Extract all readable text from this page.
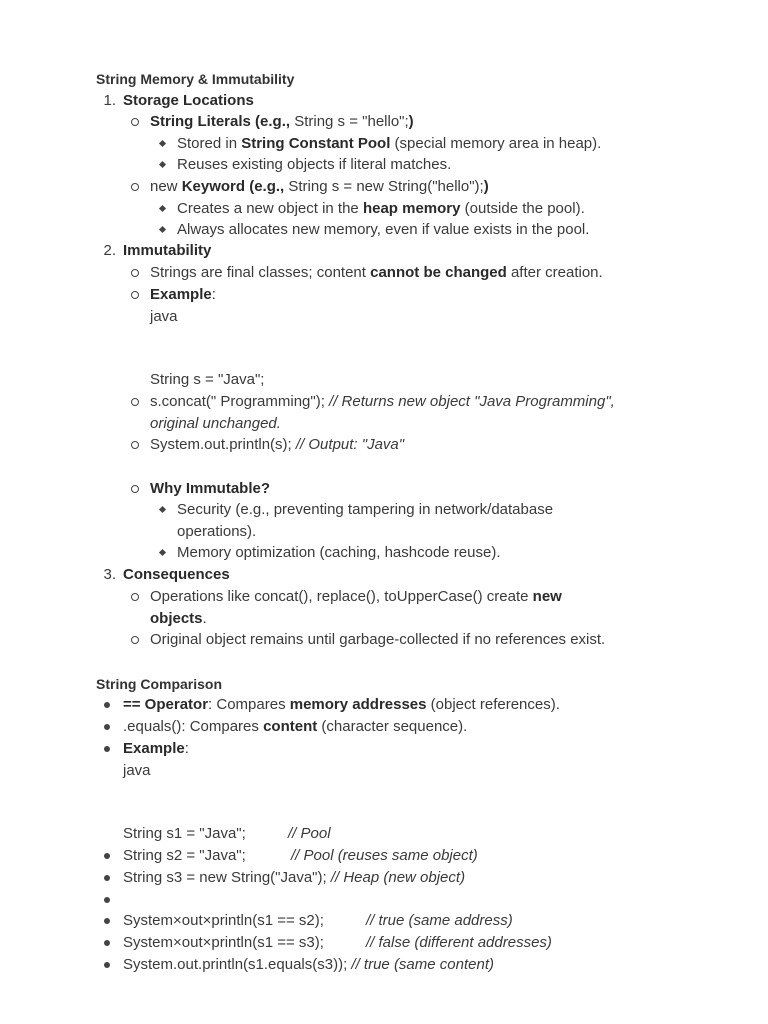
String Memory & Immutability
1. Storage Locations
String Literals (e.g., String s = "hello";)
Stored in String Constant Pool (special memory area in heap).
Reuses existing objects if literal matches.
new Keyword (e.g., String s = new String("hello");)
Creates a new object in the heap memory (outside the pool).
Always allocates new memory, even if value exists in the pool.
2. Immutability
Strings are final classes; content cannot be changed after creation.
Example:
java
String s = "Java";
s.concat(" Programming"); // Returns new object "Java Programming",
original unchanged.
System.out.println(s); // Output: "Java"
Why Immutable?
Security (e.g., preventing tampering in network/database
operations).
Memory optimization (caching, hashcode reuse).
3. Consequences
Operations like concat(), replace(), toUpperCase() create new
objects.
Original object remains until garbage-collected if no references exist.
String Comparison
== Operator: Compares memory addresses (object references).
.equals(): Compares content (character sequence).
Example:
java
String s1 = "Java";	// Pool
String s2 = "Java";	// Pool (reuses same object)
String s3 = new String("Java"); // Heap (new object)
System×out×println(s1 == s2);	// true (same address)
System×out×println(s1 == s3);	// false (different addresses)
System.out.println(s1.equals(s3)); // true (same content)
